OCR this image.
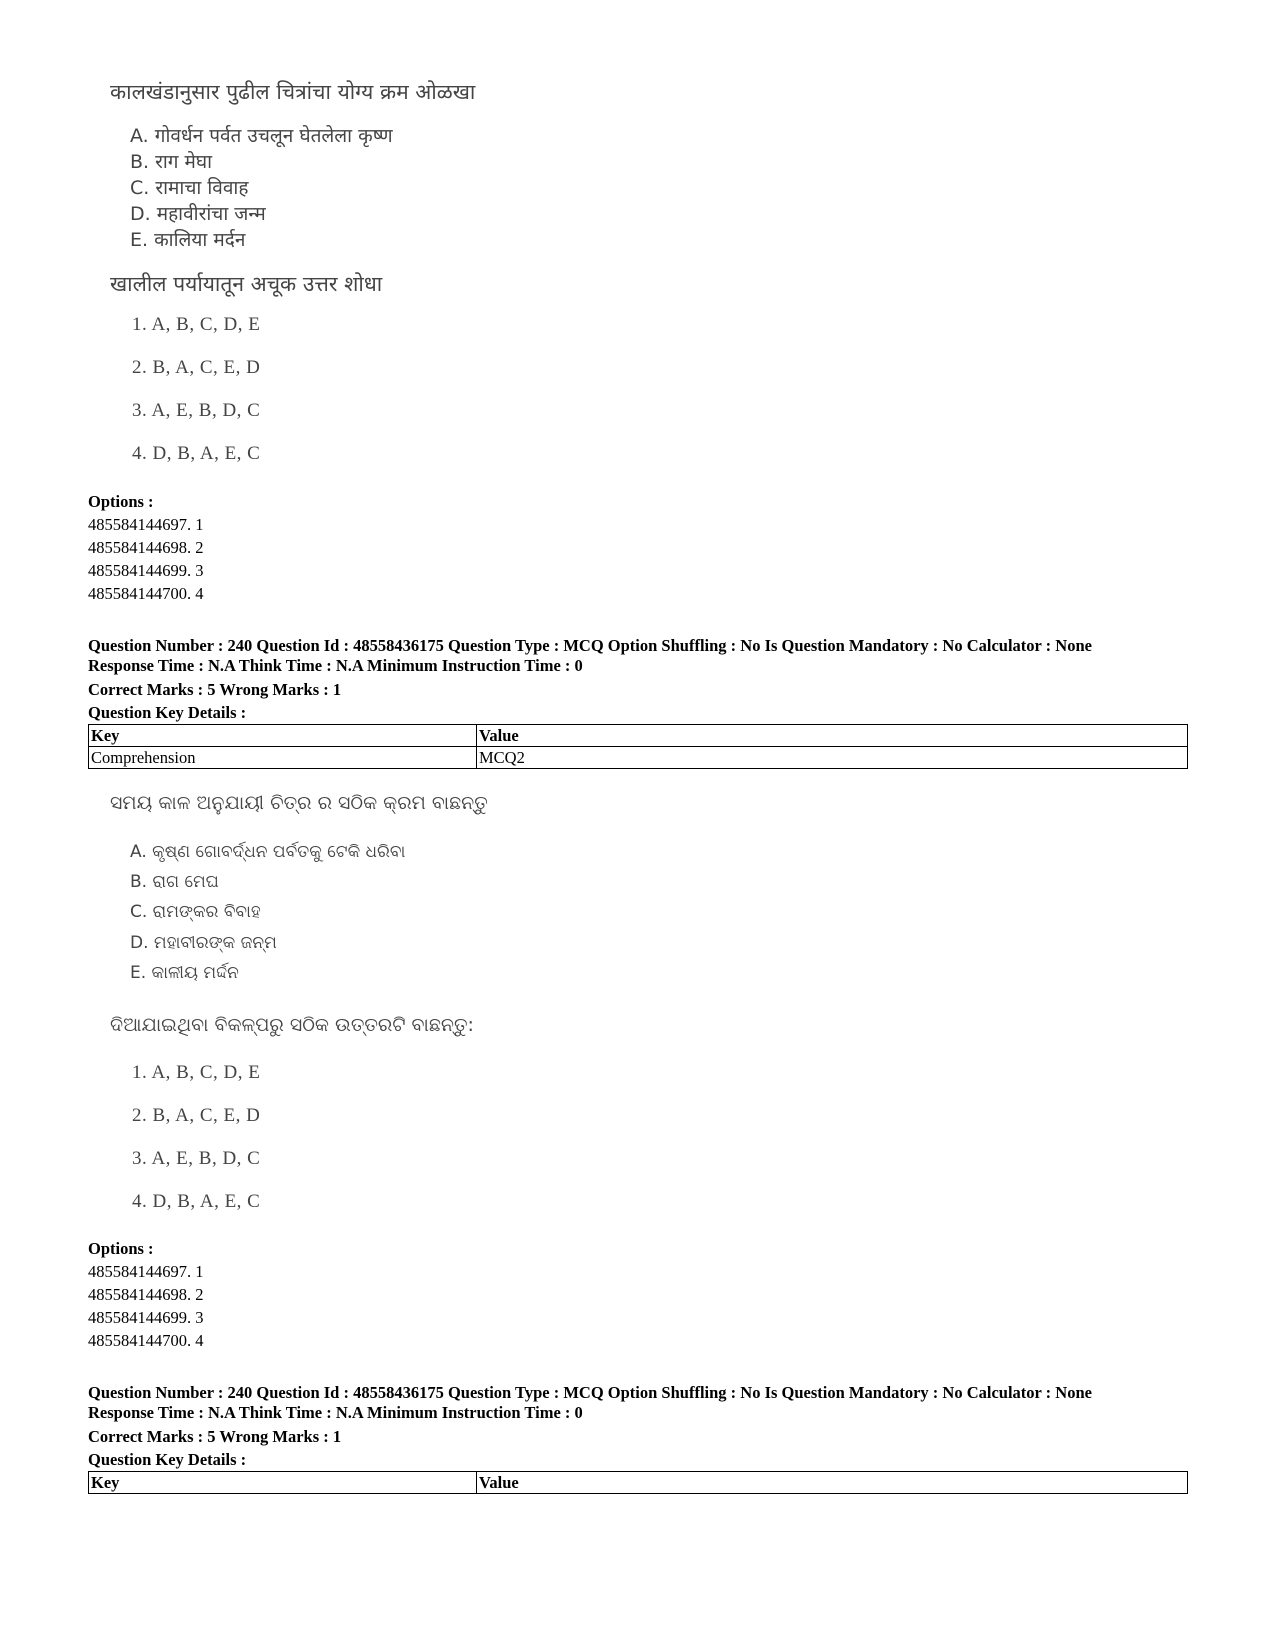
कालखंडानुसार पुढील चित्रांचा योग्य क्रम ओळखा
A. गोवर्धन पर्वत उचलून घेतलेला कृष्ण
B. राग मेघा
C. रामाचा विवाह
D. महावीरांचा जन्म
E. कालिया मर्दन
खालील पर्यायातून अचूक उत्तर शोधा
1. A, B, C, D, E
2. B, A, C, E, D
3. A, E, B, D, C
4. D, B, A, E, C
Options :
485584144697. 1
485584144698. 2
485584144699. 3
485584144700. 4
Question Number : 240 Question Id : 48558436175 Question Type : MCQ Option Shuffling : No Is Question Mandatory : No Calculator : None
Response Time : N.A Think Time : N.A Minimum Instruction Time : 0
Correct Marks : 5 Wrong Marks : 1
Question Key Details :
Key	Value
Comprehension	MCQ2
ସମୟ କାଳ ଅନୁଯାୟୀ ଚିତ୍ର ର ସଠିକ କ୍ରମ ବାଛନ୍ତୁ
A. କୃଷ୍ଣ ଗୋବର୍ଦ୍ଧନ ପର୍ବତକୁ ଟେକି ଧରିବା
B. ରାଗ ମେଘ
C. ରାମଙ୍କର ବିବାହ
D. ମହାବୀରଙ୍କ ଜନ୍ମ
E. କାଳୀୟ ମର୍ଦ୍ଦନ
ଦିଆଯାଇଥିବା ବିକଳ୍ପରୁ ସଠିକ ଉତ୍ତରଟି ବାଛନ୍ତୁ:
1. A, B, C, D, E
2. B, A, C, E, D
3. A, E, B, D, C
4. D, B, A, E, C
Options :
485584144697. 1
485584144698. 2
485584144699. 3
485584144700. 4
Question Number : 240 Question Id : 48558436175 Question Type : MCQ Option Shuffling : No Is Question Mandatory : No Calculator : None
Response Time : N.A Think Time : N.A Minimum Instruction Time : 0
Correct Marks : 5 Wrong Marks : 1
Question Key Details :
Key	Value
